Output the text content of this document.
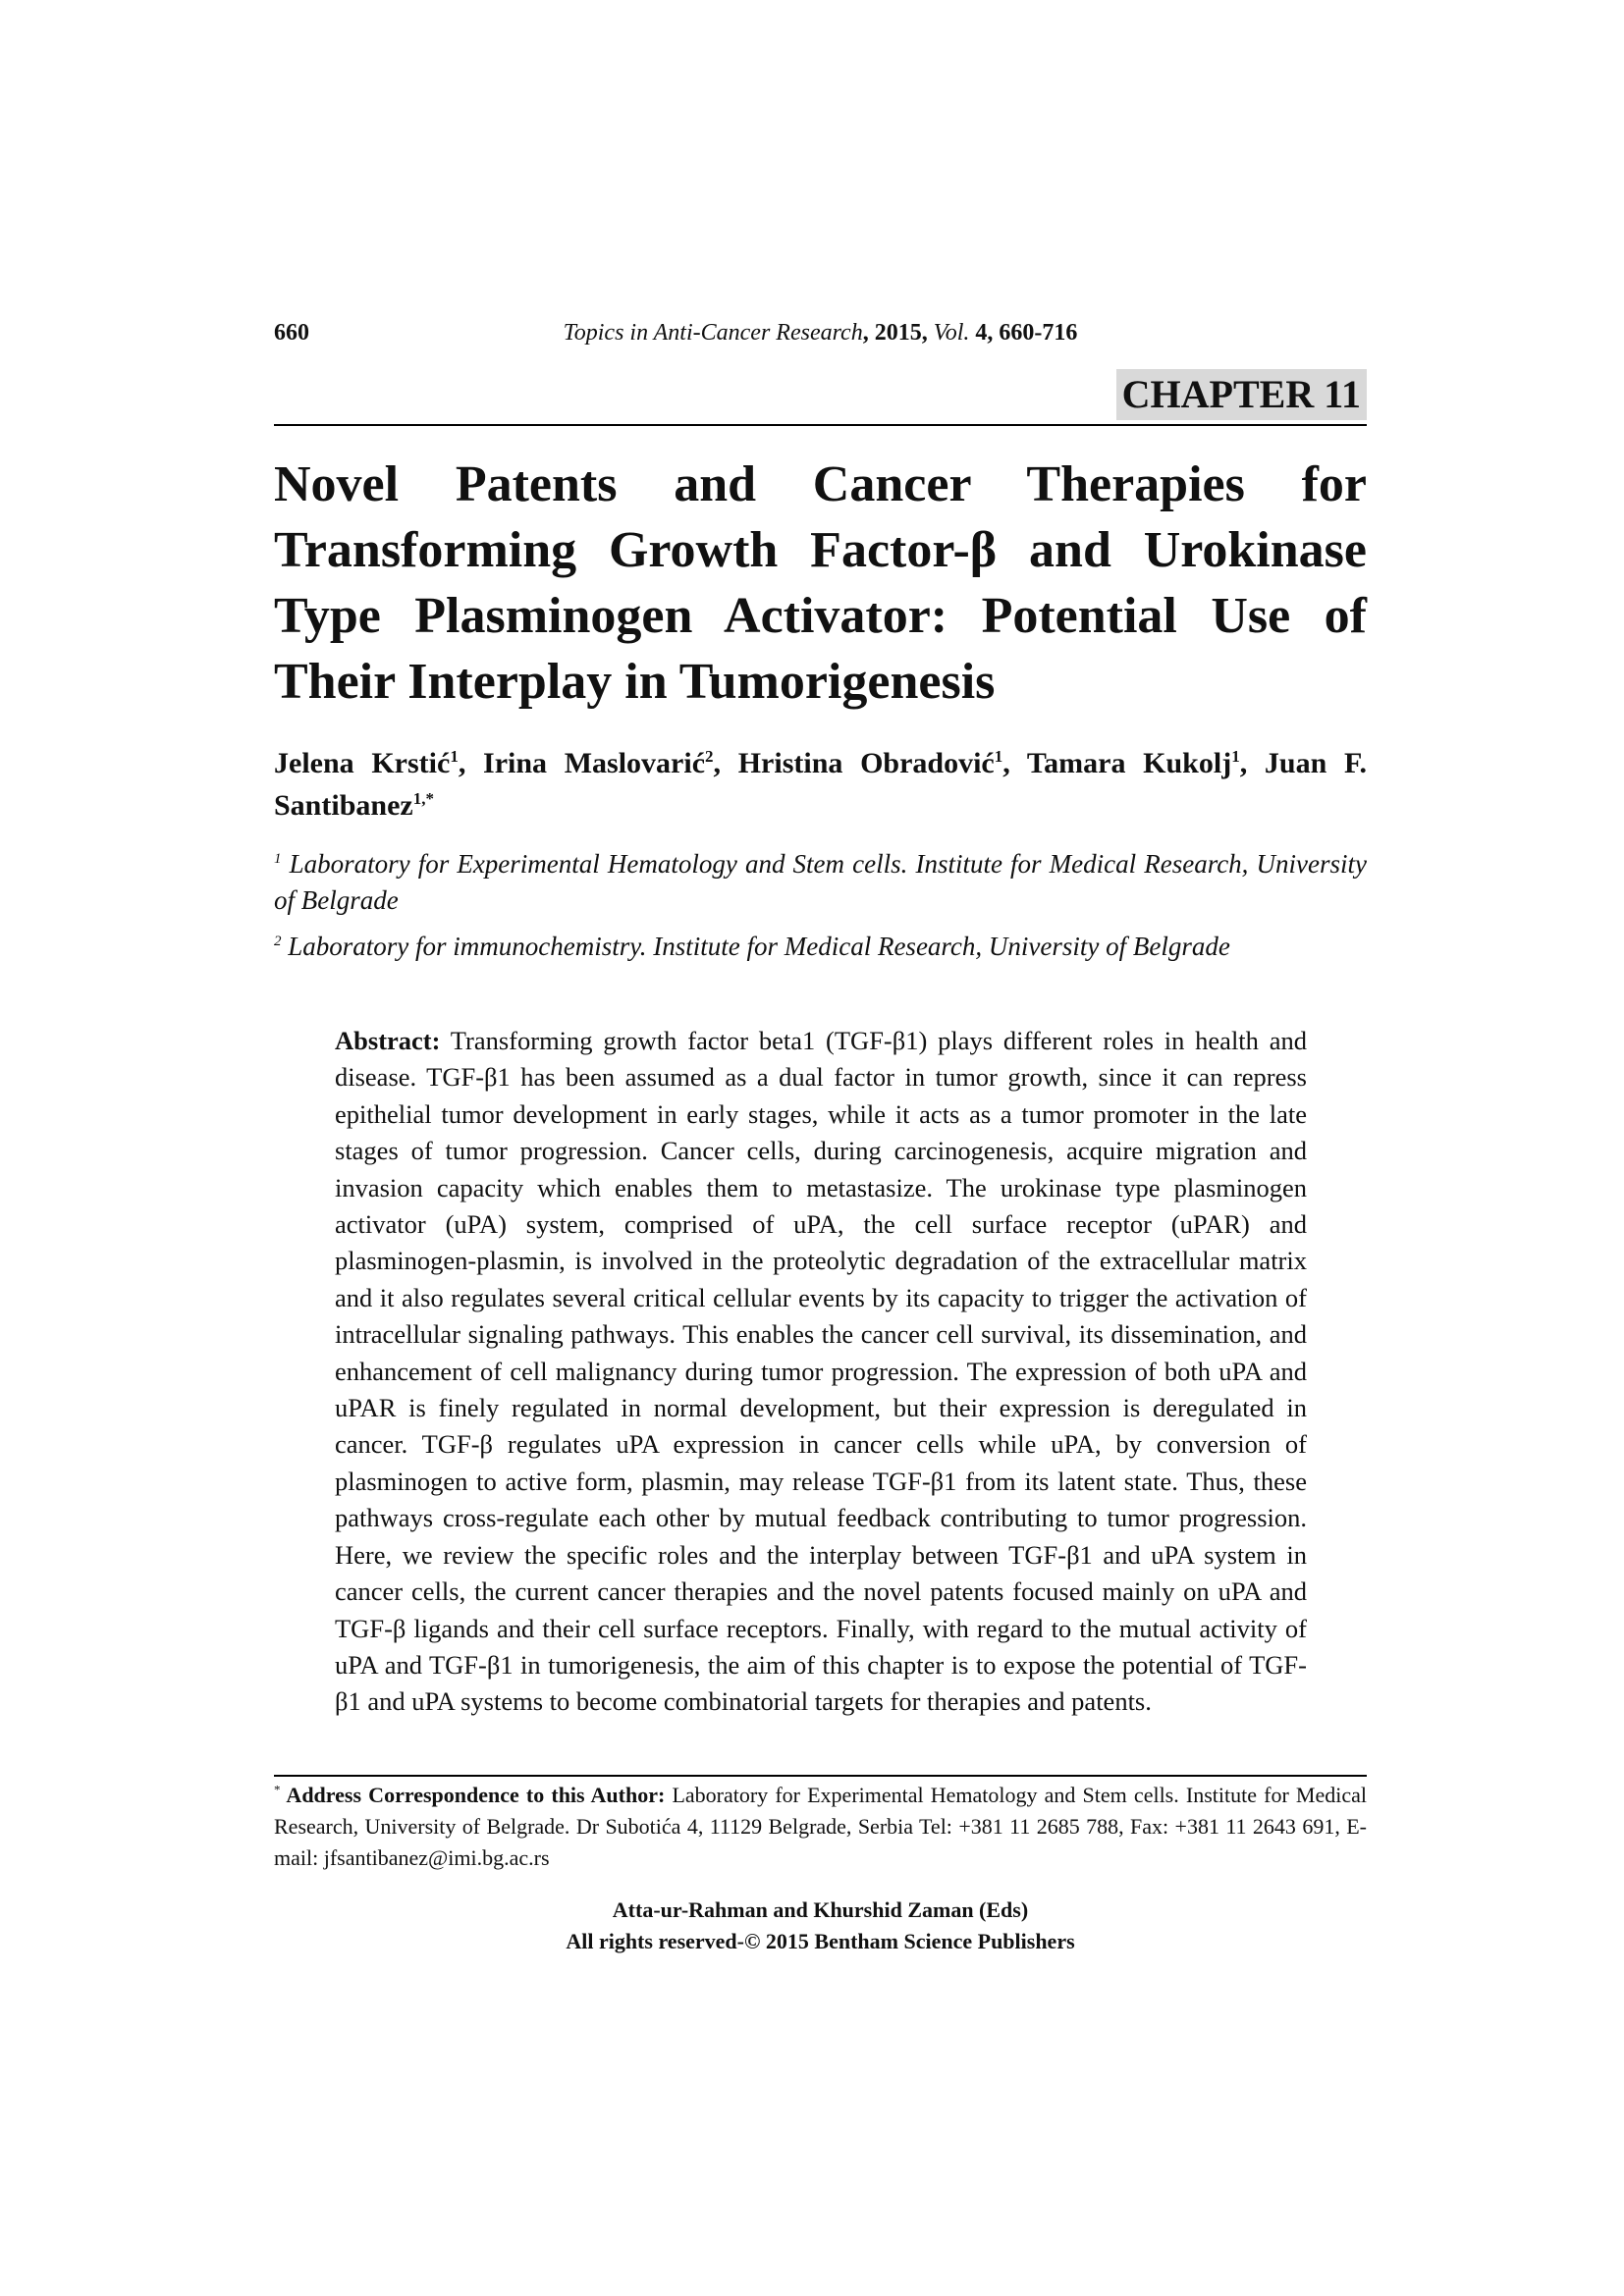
Topics in Anti-Cancer Research, 2015, Vol. 4, 660-716
660
CHAPTER 11
Novel Patents and Cancer Therapies for Transforming Growth Factor-β and Urokinase Type Plasminogen Activator: Potential Use of Their Interplay in Tumorigenesis
Jelena Krstić$^1$, Irina Maslovarić$^2$, Hristina Obradović$^1$, Tamara Kukolj$^1$, Juan F. Santibanez$^{1,*}$
$^1$ Laboratory for Experimental Hematology and Stem cells. Institute for Medical Research, University of Belgrade
$^2$ Laboratory for immunochemistry. Institute for Medical Research, University of Belgrade
Abstract: Transforming growth factor beta1 (TGF-β1) plays different roles in health and disease. TGF-β1 has been assumed as a dual factor in tumor growth, since it can repress epithelial tumor development in early stages, while it acts as a tumor promoter in the late stages of tumor progression. Cancer cells, during carcinogenesis, acquire migration and invasion capacity which enables them to metastasize. The urokinase type plasminogen activator (uPA) system, comprised of uPA, the cell surface receptor (uPAR) and plasminogen-plasmin, is involved in the proteolytic degradation of the extracellular matrix and it also regulates several critical cellular events by its capacity to trigger the activation of intracellular signaling pathways. This enables the cancer cell survival, its dissemination, and enhancement of cell malignancy during tumor progression. The expression of both uPA and uPAR is finely regulated in normal development, but their expression is deregulated in cancer. TGF-β regulates uPA expression in cancer cells while uPA, by conversion of plasminogen to active form, plasmin, may release TGF-β1 from its latent state. Thus, these pathways cross-regulate each other by mutual feedback contributing to tumor progression. Here, we review the specific roles and the interplay between TGF-β1 and uPA system in cancer cells, the current cancer therapies and the novel patents focused mainly on uPA and TGF-β ligands and their cell surface receptors. Finally, with regard to the mutual activity of uPA and TGF-β1 in tumorigenesis, the aim of this chapter is to expose the potential of TGF-β1 and uPA systems to become combinatorial targets for therapies and patents.
* Address Correspondence to this Author: Laboratory for Experimental Hematology and Stem cells. Institute for Medical Research, University of Belgrade. Dr Subotića 4, 11129 Belgrade, Serbia Tel: +381 11 2685 788, Fax: +381 11 2643 691, E-mail: jfsantibanez@imi.bg.ac.rs
Atta-ur-Rahman and Khurshid Zaman (Eds)
All rights reserved-© 2015 Bentham Science Publishers
